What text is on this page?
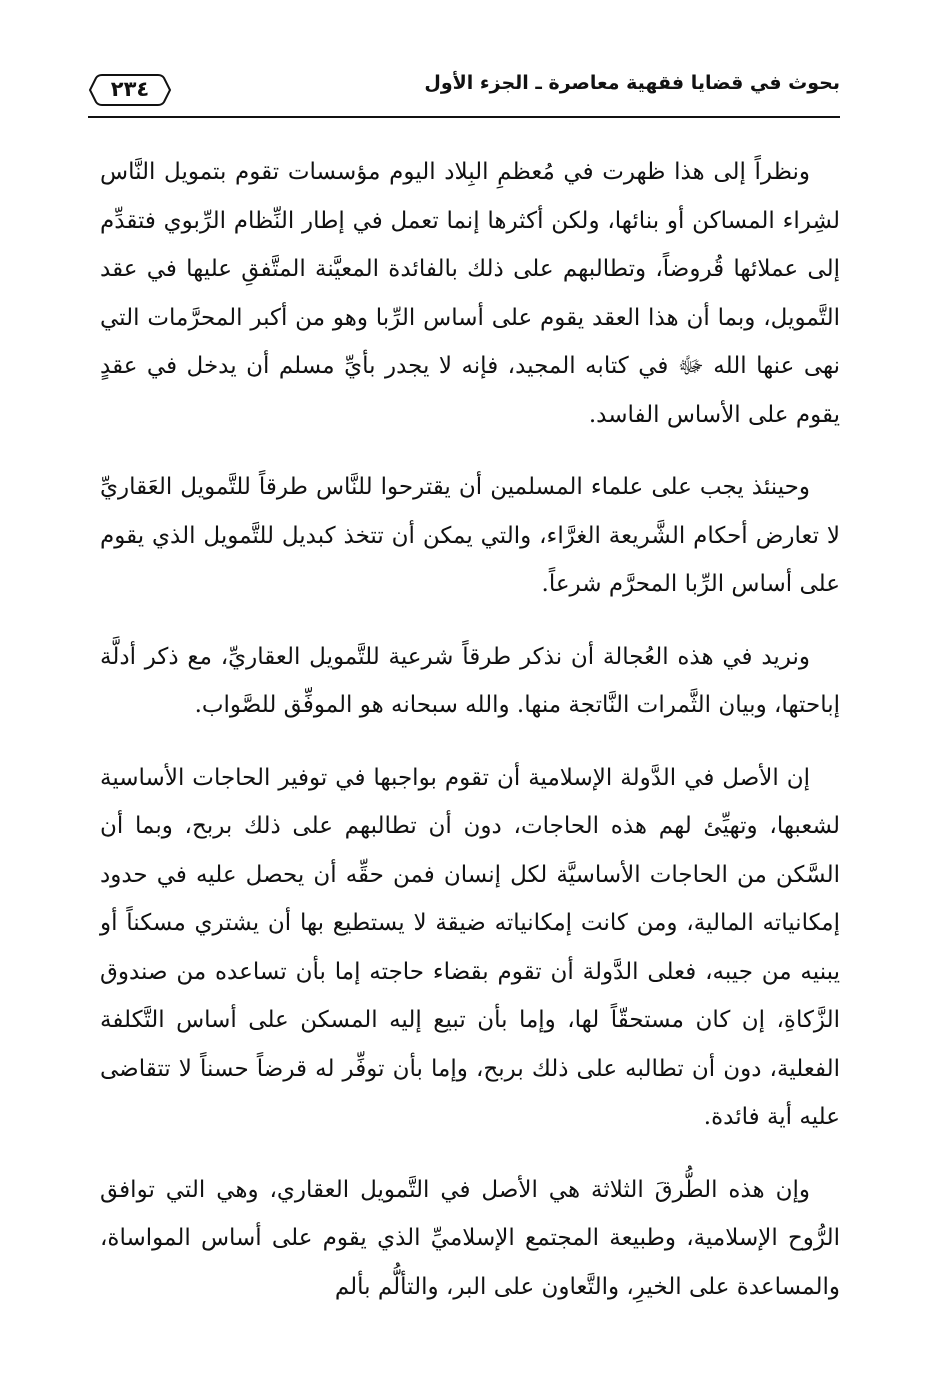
بحوث في قضايا فقهية معاصرة ـ الجزء الأول
٢٣٤

ونظراً إلى هذا ظهرت في مُعظمِ البِلاد اليوم مؤسسات تقوم بتمويل النَّاس لشِراء المساكن أو بنائها، ولكن أكثرها إنما تعمل في إطار النِّظام الرِّبوي فتقدِّم إلى عملائها قُروضاً، وتطالبهم على ذلك بالفائدة المعيَّنة المتَّفقِ عليها في عقد التَّمويل، وبما أن هذا العقد يقوم على أساس الرِّبا وهو من أكبر المحرَّمات التي نهى عنها الله ﷻ في كتابه المجيد، فإنه لا يجدر بأيِّ مسلم أن يدخل في عقدٍ يقوم على الأساس الفاسد.

وحينئذ يجب على علماء المسلمين أن يقترحوا للنَّاس طرقاً للتَّمويل العَقاريِّ لا تعارض أحكام الشَّريعة الغرَّاء، والتي يمكن أن تتخذ كبديل للتَّمويل الذي يقوم على أساس الرِّبا المحرَّم شرعاً.

ونريد في هذه العُجالة أن نذكر طرقاً شرعية للتَّمويل العقاريِّ، مع ذكر أدلَّة إباحتها، وبيان الثَّمرات النَّاتجة منها. والله سبحانه هو الموفِّق للصَّواب.

إن الأصل في الدَّولة الإسلامية أن تقوم بواجبها في توفير الحاجات الأساسية لشعبها، وتهيِّئ لهم هذه الحاجات، دون أن تطالبهم على ذلك بربح، وبما أن السَّكن من الحاجات الأساسيَّة لكل إنسان فمن حقِّه أن يحصل عليه في حدود إمكانياته المالية، ومن كانت إمكانياته ضيقة لا يستطيع بها أن يشتري مسكناً أو يبنيه من جيبه، فعلى الدَّولة أن تقوم بقضاء حاجته إما بأن تساعده من صندوق الزَّكاةِ، إن كان مستحقّاً لها، وإما بأن تبيع إليه المسكن على أساس التَّكلفة الفعلية، دون أن تطالبه على ذلك بربح، وإما بأن توفِّر له قرضاً حسناً لا تتقاضى عليه أية فائدة.

وإن هذه الطُّرقَ الثلاثة هي الأصل في التَّمويل العقاري، وهي التي توافق الرُّوح الإسلامية، وطبيعة المجتمع الإسلاميِّ الذي يقوم على أساس المواساة، والمساعدة على الخيرِ، والتَّعاون على البر، والتألُّم بألم
